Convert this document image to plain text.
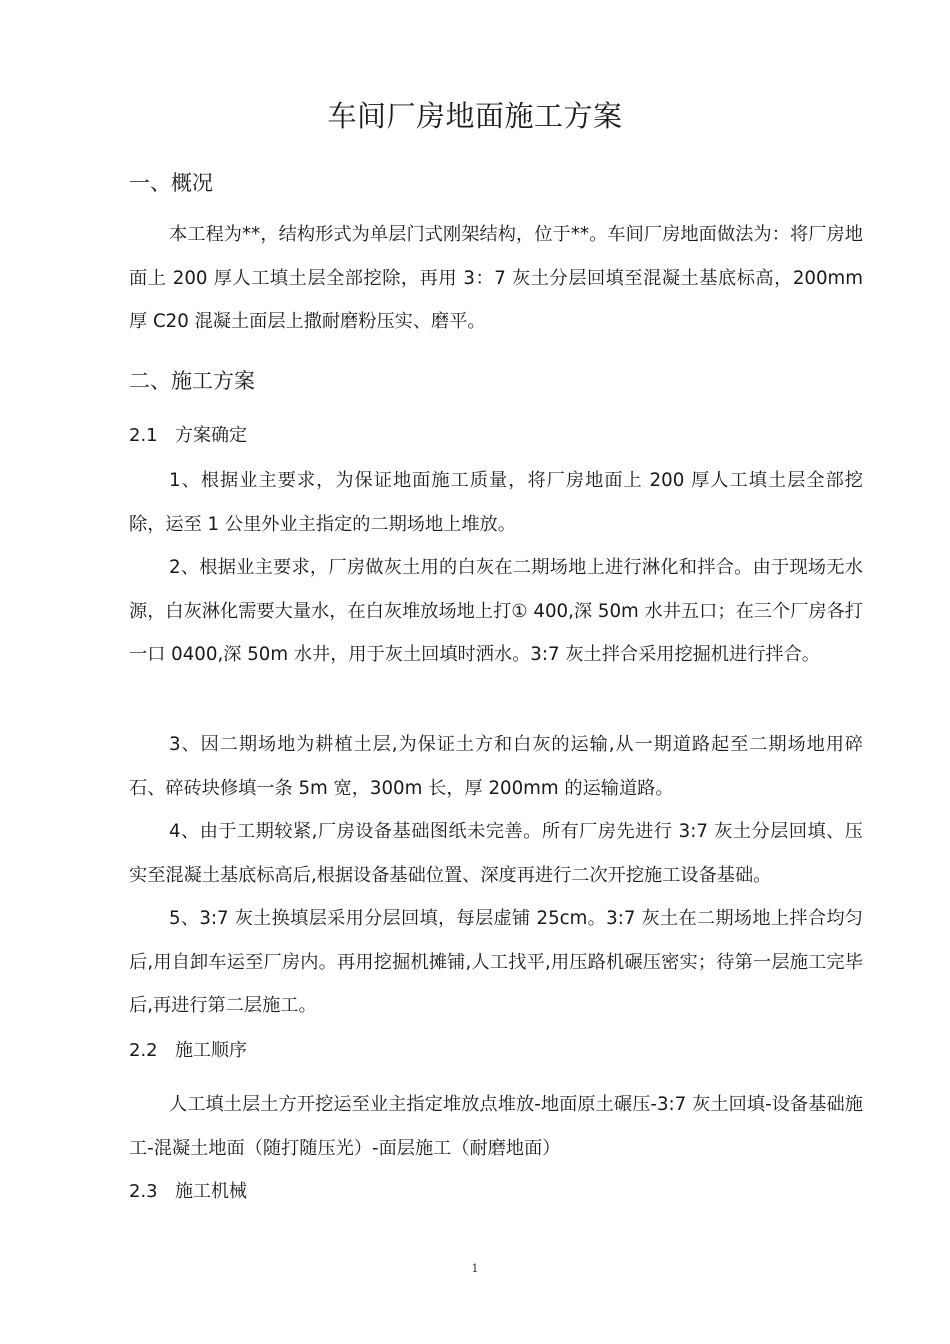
车间厂房地面施工方案
一、概况

本工程为**，结构形式为单层门式刚架结构，位于**。车间厂房地面做法为：将厂房地面上 200 厚人工填土层全部挖除，再用 3：7 灰土分层回填至混凝土基底标高，200mm 厚 C20 混凝土面层上撒耐磨粉压实、磨平。

二、施工方案
2.1 方案确定

1、根据业主要求，为保证地面施工质量，将厂房地面上 200 厚人工填土层全部挖除，运至 1 公里外业主指定的二期场地上堆放。

2、根据业主要求，厂房做灰土用的白灰在二期场地上进行淋化和拌合。由于现场无水源，白灰淋化需要大量水，在白灰堆放场地上打① 400,深 50m 水井五口；在三个厂房各打一口 0400,深 50m 水井，用于灰土回填时洒水。3:7 灰土拌合采用挖掘机进行拌合。

3、因二期场地为耕植土层,为保证土方和白灰的运输,从一期道路起至二期场地用碎石、碎砖块修填一条 5m 宽，300m 长，厚 200mm 的运输道路。

4、由于工期较紧,厂房设备基础图纸未完善。所有厂房先进行 3:7 灰土分层回填、压实至混凝土基底标高后,根据设备基础位置、深度再进行二次开挖施工设备基础。

5、3:7 灰土换填层采用分层回填，每层虚铺 25cm。3:7 灰土在二期场地上拌合均匀后,用自卸车运至厂房内。再用挖掘机摊铺,人工找平,用压路机碾压密实；待第一层施工完毕后,再进行第二层施工。

2.2 施工顺序

人工填土层土方开挖运至业主指定堆放点堆放-地面原土碾压-3:7 灰土回填-设备基础施工-混凝土地面（随打随压光）-面层施工（耐磨地面）

2.3 施工机械
1
